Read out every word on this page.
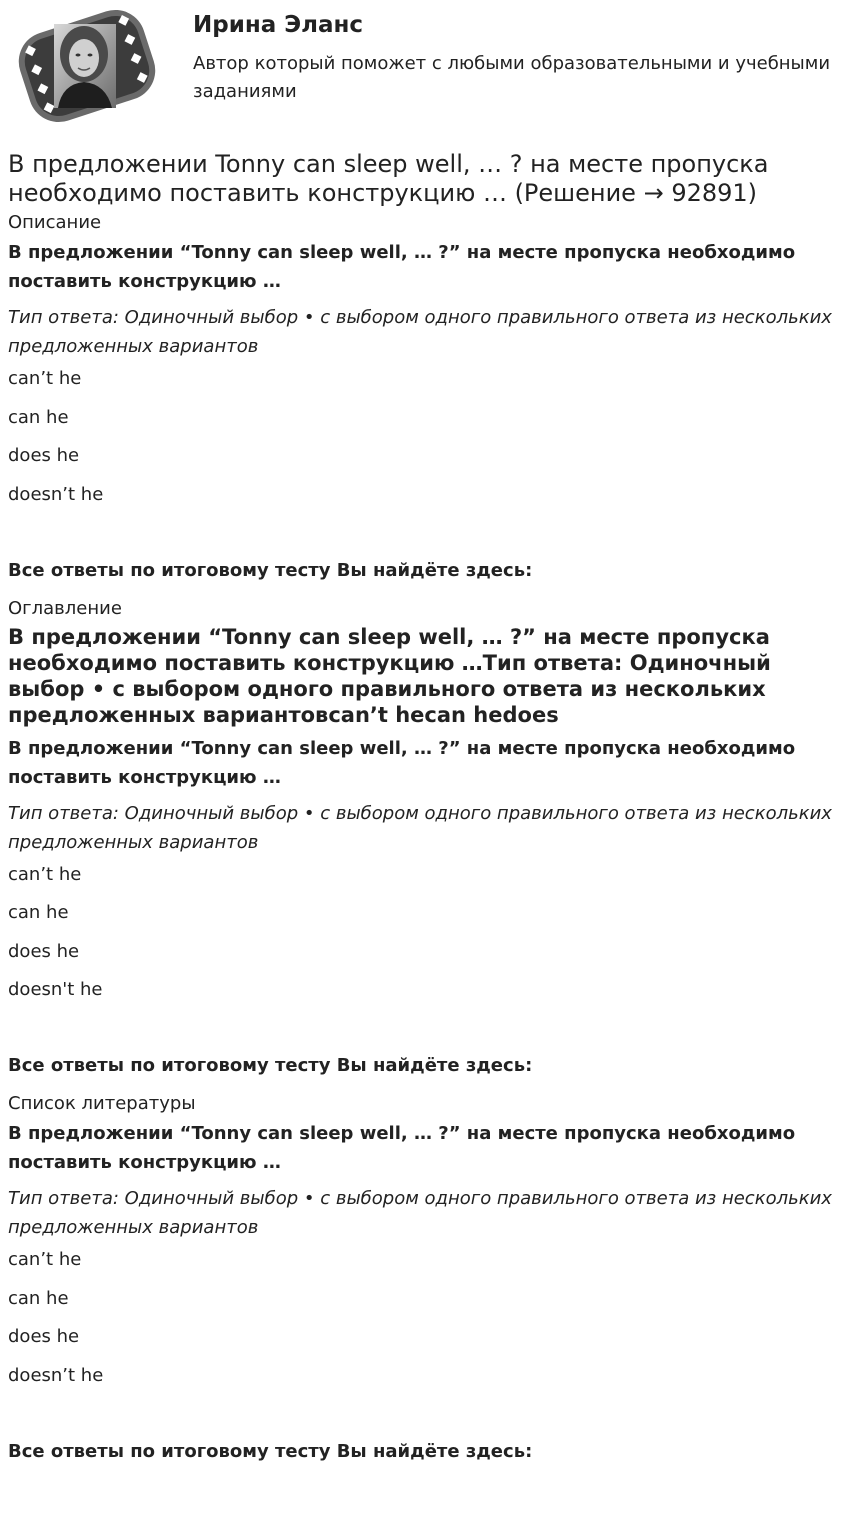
Ирина Эланс

Автор который поможет с любыми образовательными и учебными заданиями

В предложении Tonny can sleep well, … ? на месте пропуска необходимо поставить конструкцию … (Решение → 92891)
Описание
В предложении “Tonny can sleep well, … ?” на месте пропуска необходимо поставить конструкцию …
Тип ответа: Одиночный выбор • с выбором одного правильного ответа из нескольких предложенных вариантов
can’t he
can he
does he
doesn’t he
Все ответы по итоговому тесту Вы найдёте здесь:
Оглавление
В предложении “Tonny can sleep well, … ?” на месте пропуска необходимо поставить конструкцию …Тип ответа: Одиночный выбор • с выбором одного правильного ответа из нескольких предложенных вариантовcan’t hecan hedoes
В предложении “Tonny can sleep well, … ?” на месте пропуска необходимо поставить конструкцию …
Тип ответа: Одиночный выбор • с выбором одного правильного ответа из нескольких предложенных вариантов
can’t he
can he
does he
doesn't he
Все ответы по итоговому тесту Вы найдёте здесь:
Список литературы
В предложении “Tonny can sleep well, … ?” на месте пропуска необходимо поставить конструкцию …
Тип ответа: Одиночный выбор • с выбором одного правильного ответа из нескольких предложенных вариантов
can’t he
can he
does he
doesn’t he
Все ответы по итоговому тесту Вы найдёте здесь:
